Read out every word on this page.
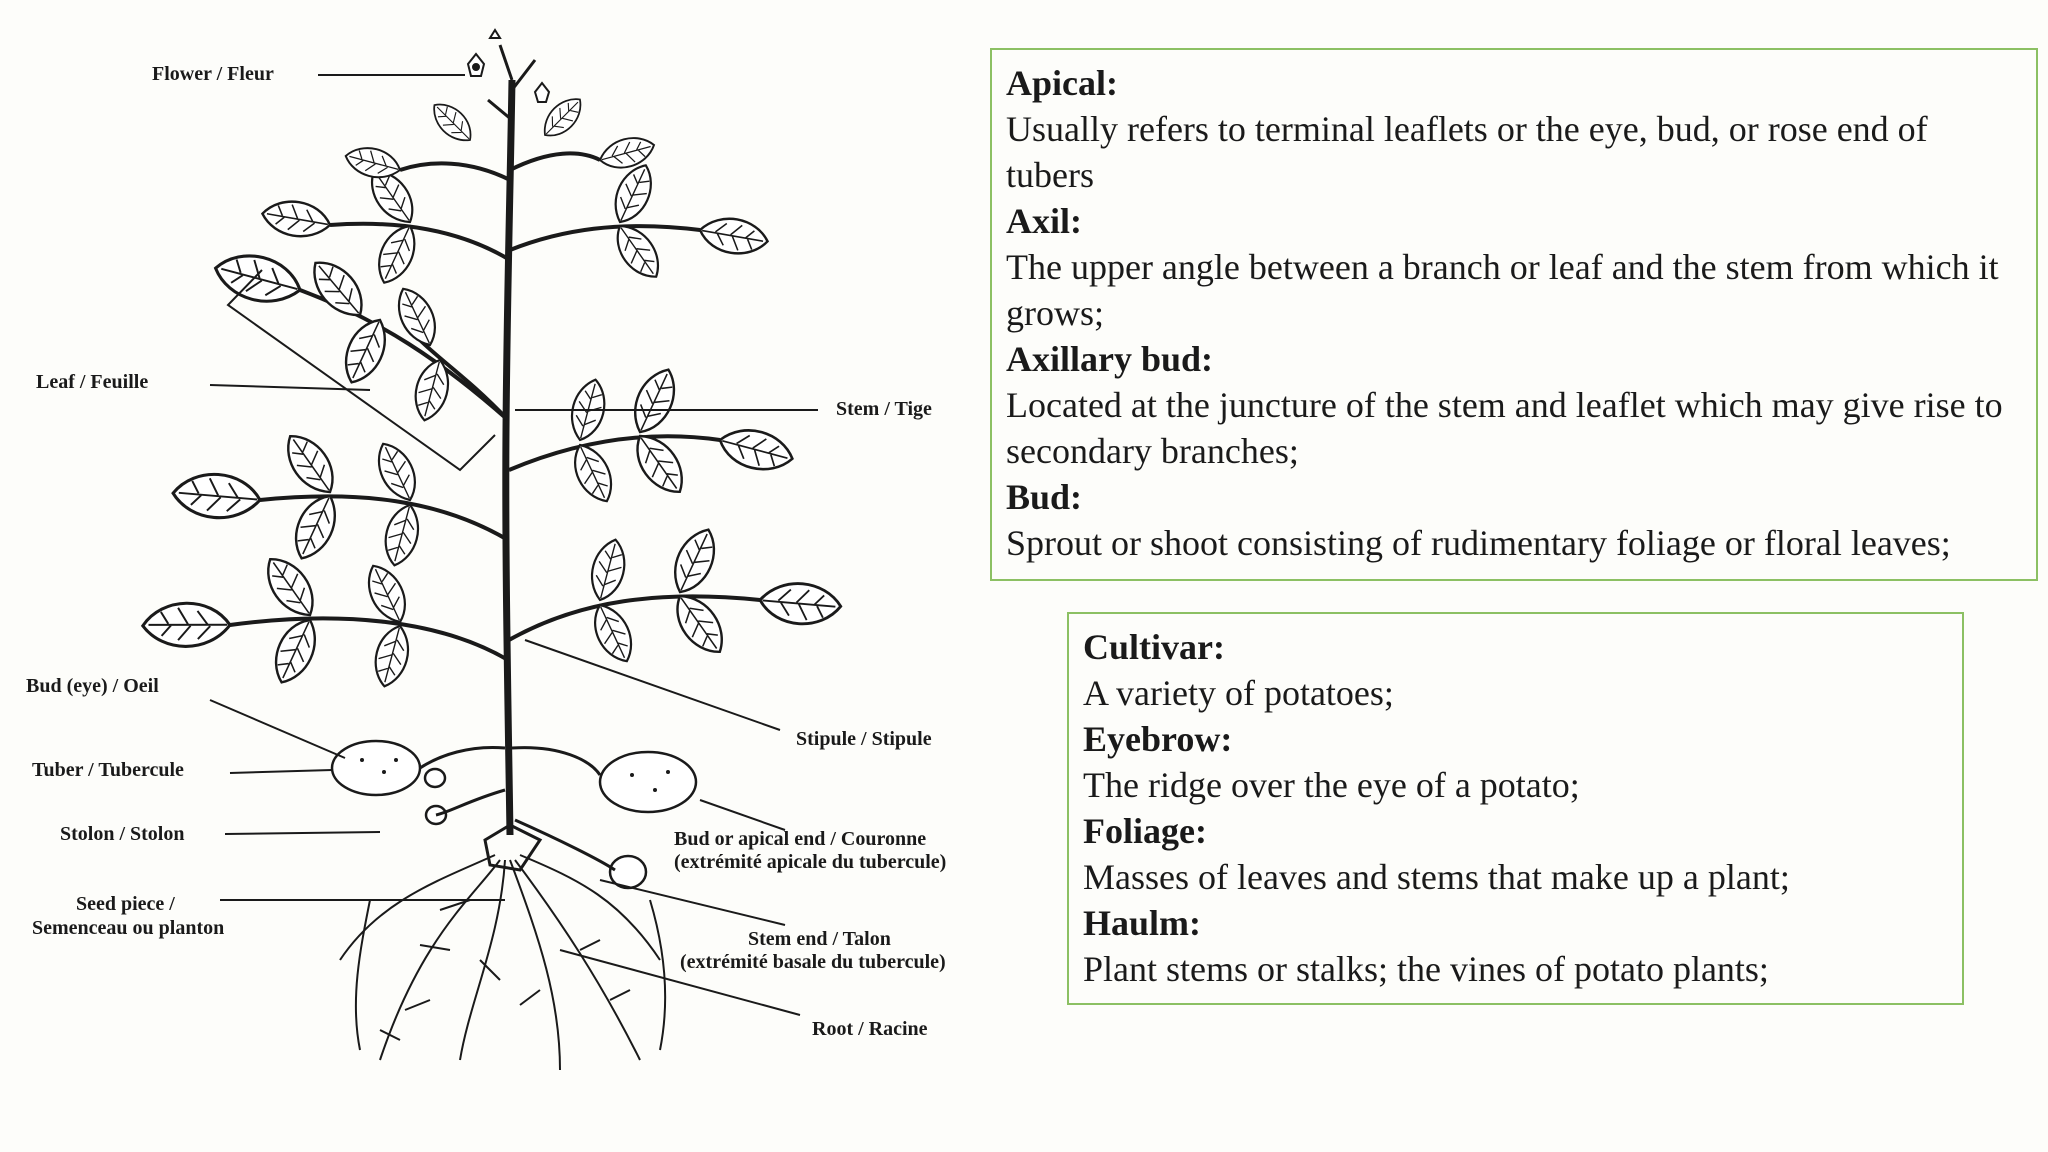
Flower / Fleur
Leaf / Feuille
Stem / Tige
Bud (eye) / Oeil
Tuber / Tubercule
Stolon / Stolon
Seed piece /
Semenceau ou planton
Stipule / Stipule
Bud or apical end / Couronne
(extrémité apicale du tubercule)
Stem end / Talon
(extrémité basale du tubercule)
Root / Racine
Apical:
Usually refers to terminal leaflets or the eye, bud, or rose end of tubers
Axil:
The upper angle between a branch or leaf and the stem from which it grows;
Axillary bud:
Located at the juncture of the stem and leaflet which may give rise to secondary branches;
Bud:
Sprout or shoot consisting of rudimentary foliage or floral leaves;
Cultivar:
A variety of potatoes;
Eyebrow:
The ridge over the eye of a potato;
Foliage:
Masses of leaves and stems that make up a plant;
Haulm:
Plant stems or stalks; the vines of potato plants;
